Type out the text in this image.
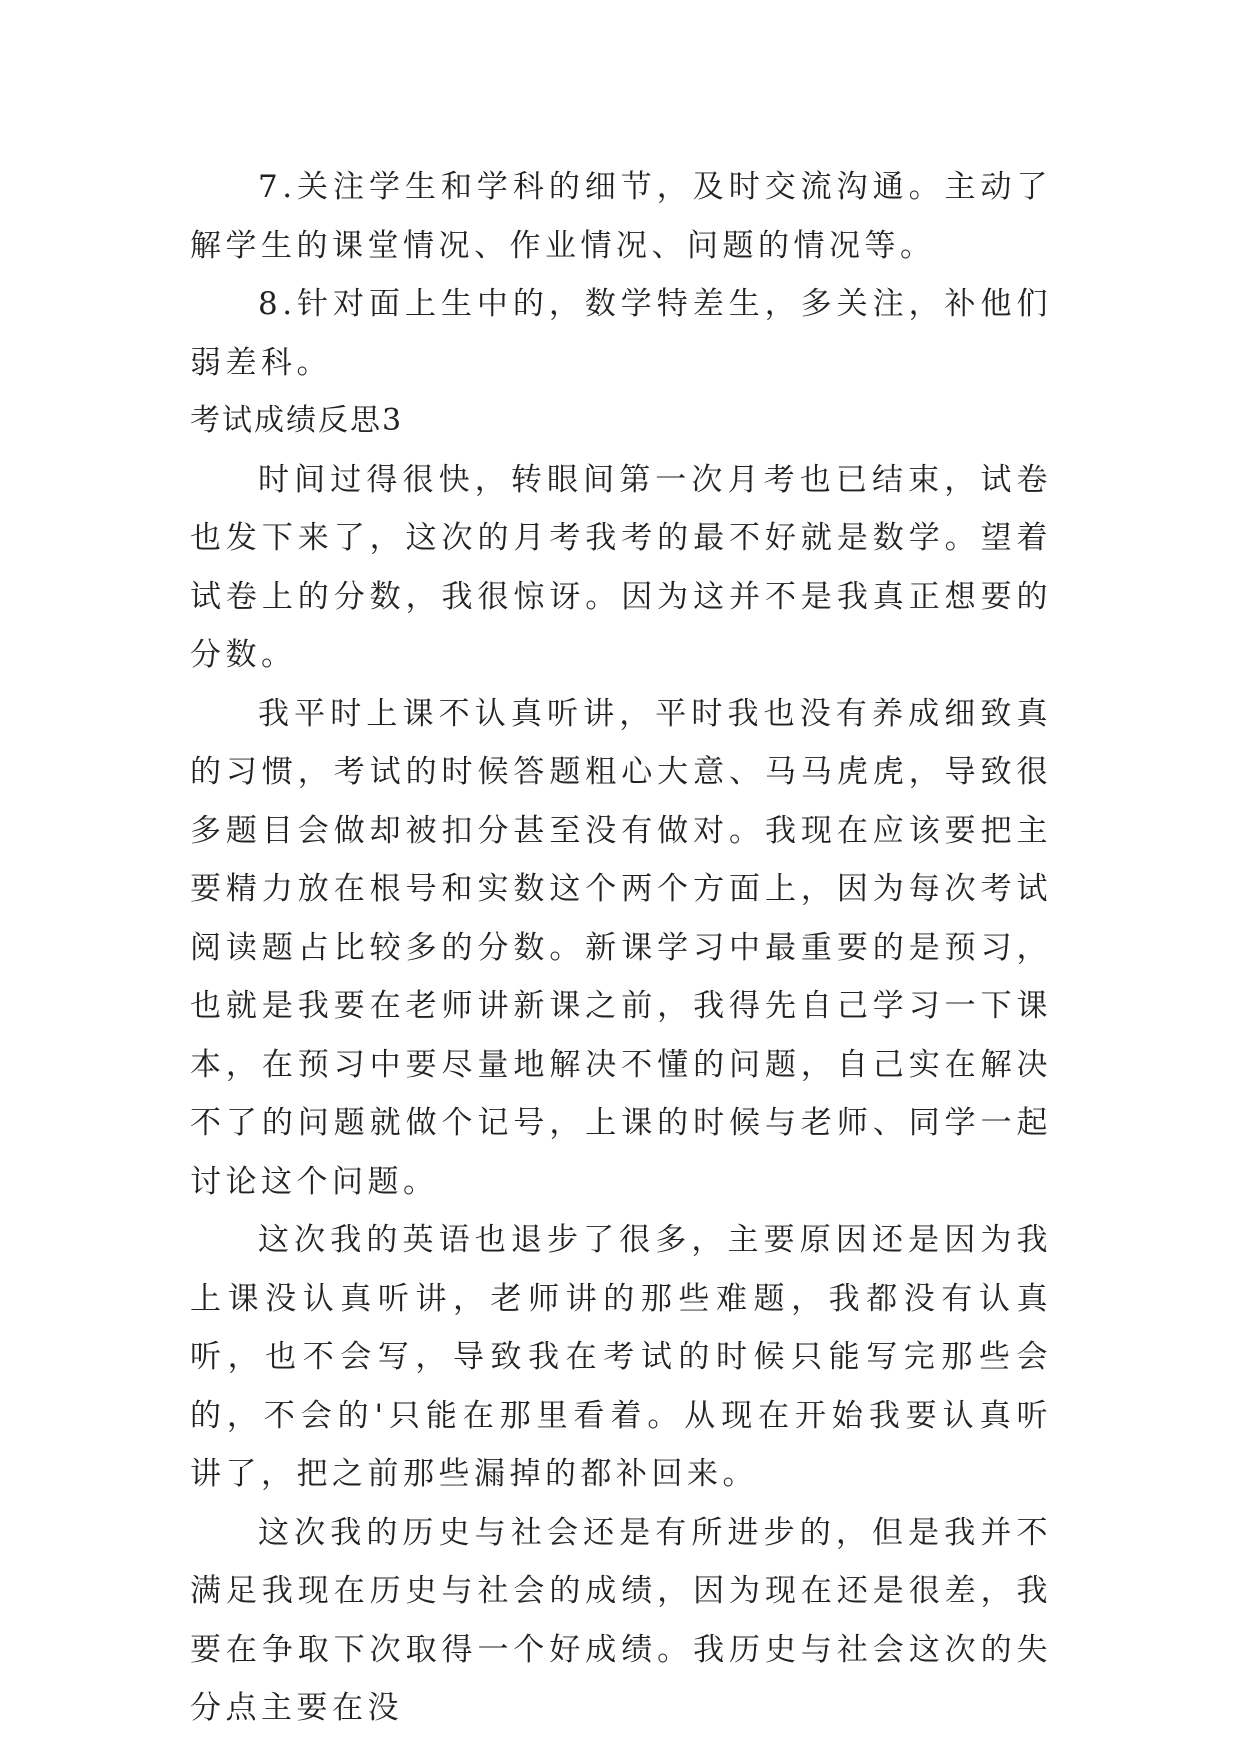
7.关注学生和学科的细节，及时交流沟通。主动了解学生的课堂情况、作业情况、问题的情况等。

8.针对面上生中的，数学特差生，多关注，补他们弱差科。

考试成绩反思3

时间过得很快，转眼间第一次月考也已结束，试卷也发下来了，这次的月考我考的最不好就是数学。望着试卷上的分数，我很惊讶。因为这并不是我真正想要的分数。

我平时上课不认真听讲，平时我也没有养成细致真的习惯，考试的时候答题粗心大意、马马虎虎，导致很多题目会做却被扣分甚至没有做对。我现在应该要把主要精力放在根号和实数这个两个方面上，因为每次考试阅读题占比较多的分数。新课学习中最重要的是预习，也就是我要在老师讲新课之前，我得先自己学习一下课本，在预习中要尽量地解决不懂的问题，自己实在解决不了的问题就做个记号，上课的时候与老师、同学一起讨论这个问题。

这次我的英语也退步了很多，主要原因还是因为我上课没认真听讲，老师讲的那些难题，我都没有认真听，也不会写，导致我在考试的时候只能写完那些会的，不会的'只能在那里看着。从现在开始我要认真听讲了，把之前那些漏掉的都补回来。

这次我的历史与社会还是有所进步的，但是我并不满足我现在历史与社会的成绩，因为现在还是很差，我要在争取下次取得一个好成绩。我历史与社会这次的失分点主要在没
